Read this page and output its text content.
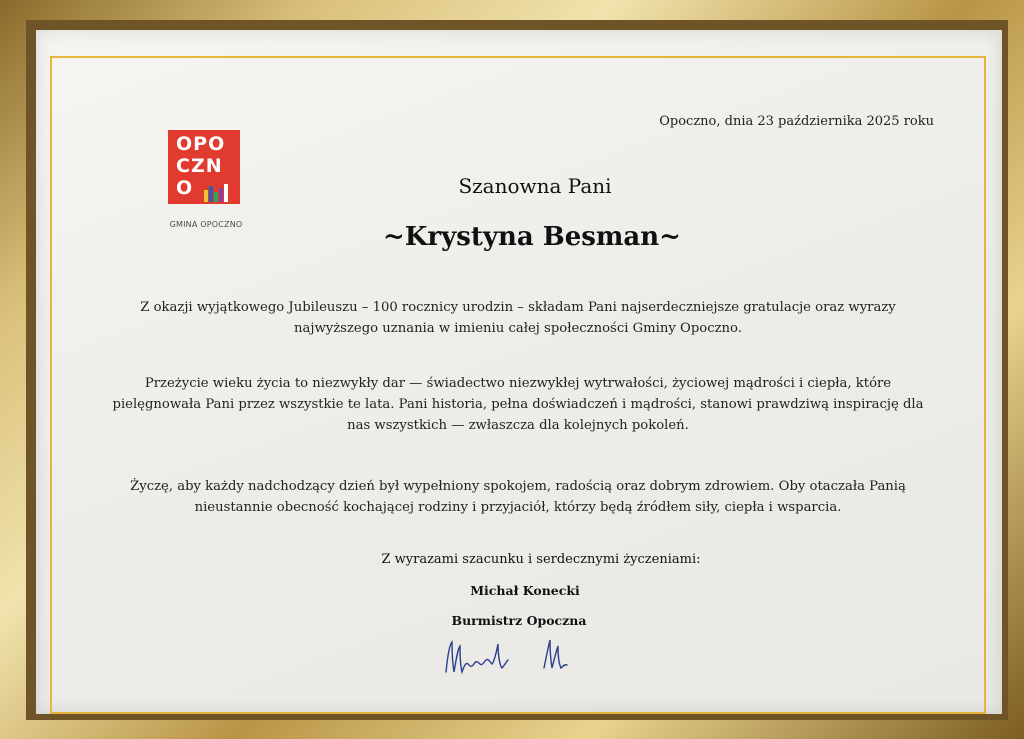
OPO
CZN
O
GMINA OPOCZNO
Opoczno, dnia 23 października 2025 roku
Szanowna Pani
~Krystyna Besman~
Z okazji wyjątkowego Jubileuszu – 100 rocznicy urodzin – składam Pani najserdeczniejsze gratulacje oraz wyrazy najwyższego uznania w imieniu całej społeczności Gminy Opoczno.
Przeżycie wieku życia to niezwykły dar — świadectwo niezwykłej wytrwałości, życiowej mądrości i ciepła, które pielęgnowała Pani przez wszystkie te lata. Pani historia, pełna doświadczeń i mądrości, stanowi prawdziwą inspirację dla nas wszystkich — zwłaszcza dla kolejnych pokoleń.
Życzę, aby każdy nadchodzący dzień był wypełniony spokojem, radością oraz dobrym zdrowiem. Oby otaczała Panią nieustannie obecność kochającej rodziny i przyjaciół, którzy będą źródłem siły, ciepła i wsparcia.
Z wyrazami szacunku i serdecznymi życzeniami:
Michał Konecki
Burmistrz Opoczna
